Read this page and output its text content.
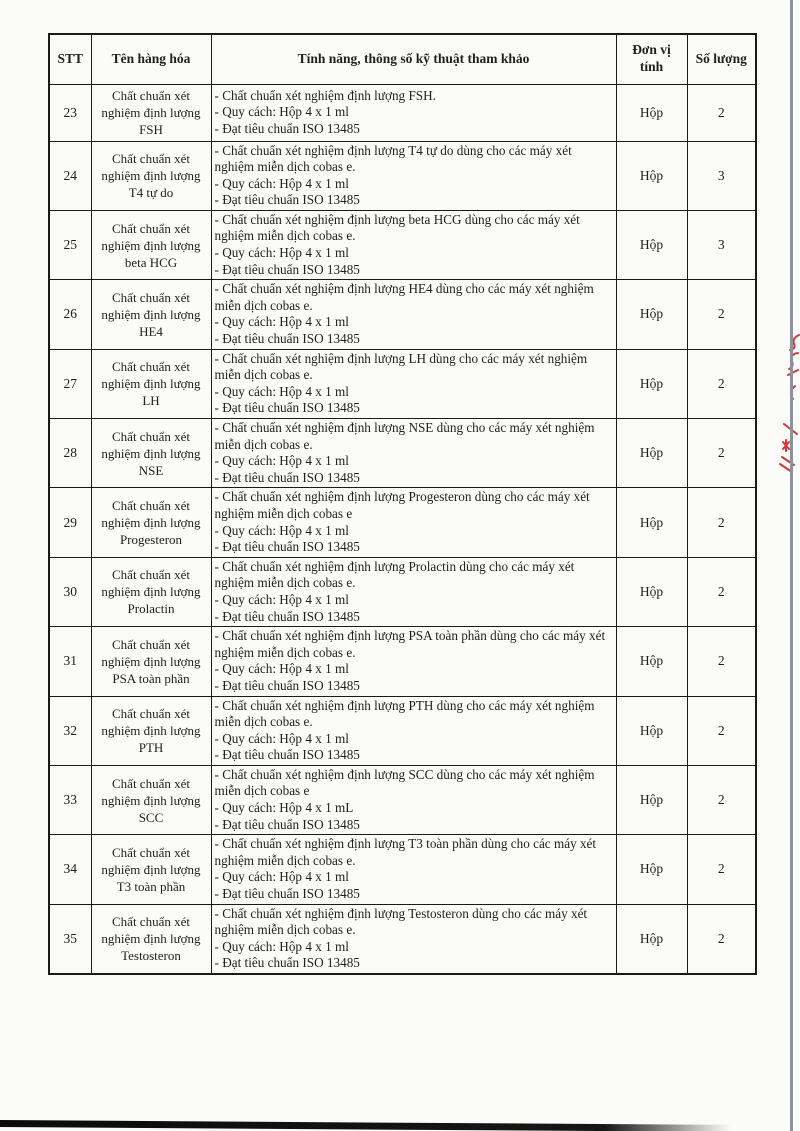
STT	Tên hàng hóa	Tính năng, thông số kỹ thuật tham khảo	Đơn vị tính	Số lượng
23	Chất chuẩn xét nghiệm định lượng FSH	- Chất chuẩn xét nghiệm định lượng FSH.
- Quy cách: Hộp 4 x 1 ml
- Đạt tiêu chuẩn ISO 13485	Hộp	2
24	Chất chuẩn xét nghiệm định lượng T4 tự do	- Chất chuẩn xét nghiệm định lượng T4 tự do dùng cho các máy xét nghiệm miễn dịch cobas e.
- Quy cách: Hộp 4 x 1 ml
- Đạt tiêu chuẩn ISO 13485	Hộp	3
25	Chất chuẩn xét nghiệm định lượng beta HCG	- Chất chuẩn xét nghiệm định lượng beta HCG dùng cho các máy xét nghiệm miễn dịch cobas e.
- Quy cách: Hộp 4 x 1 ml
- Đạt tiêu chuẩn ISO 13485	Hộp	3
26	Chất chuẩn xét nghiệm định lượng HE4	- Chất chuẩn xét nghiệm định lượng HE4 dùng cho các máy xét nghiệm miễn dịch cobas e.
- Quy cách: Hộp 4 x 1 ml
- Đạt tiêu chuẩn ISO 13485	Hộp	2
27	Chất chuẩn xét nghiệm định lượng LH	- Chất chuẩn xét nghiệm định lượng LH dùng cho các máy xét nghiệm miễn dịch cobas e.
- Quy cách: Hộp 4 x 1 ml
- Đạt tiêu chuẩn ISO 13485	Hộp	2
28	Chất chuẩn xét nghiệm định lượng NSE	- Chất chuẩn xét nghiệm định lượng NSE dùng cho các máy xét nghiệm miễn dịch cobas e.
- Quy cách: Hộp 4 x 1 ml
- Đạt tiêu chuẩn ISO 13485	Hộp	2
29	Chất chuẩn xét nghiệm định lượng Progesteron	- Chất chuẩn xét nghiệm định lượng Progesteron dùng cho các máy xét nghiệm miễn dịch cobas e
- Quy cách: Hộp 4 x 1 ml
- Đạt tiêu chuẩn ISO 13485	Hộp	2
30	Chất chuẩn xét nghiệm định lượng Prolactin	- Chất chuẩn xét nghiệm định lượng Prolactin dùng cho các máy xét nghiệm miễn dịch cobas e.
- Quy cách: Hộp 4 x 1 ml
- Đạt tiêu chuẩn ISO 13485	Hộp	2
31	Chất chuẩn xét nghiệm định lượng PSA toàn phần	- Chất chuẩn xét nghiệm định lượng PSA toàn phần dùng cho các máy xét nghiệm miễn dịch cobas e.
- Quy cách: Hộp 4 x 1 ml
- Đạt tiêu chuẩn ISO 13485	Hộp	2
32	Chất chuẩn xét nghiệm định lượng PTH	- Chất chuẩn xét nghiệm định lượng PTH dùng cho các máy xét nghiệm miễn dịch cobas e.
- Quy cách: Hộp 4 x 1 ml
- Đạt tiêu chuẩn ISO 13485	Hộp	2
33	Chất chuẩn xét nghiệm định lượng SCC	- Chất chuẩn xét nghiệm định lượng SCC dùng cho các máy xét nghiệm miễn dịch cobas e
- Quy cách: Hộp 4 x 1 mL
- Đạt tiêu chuẩn ISO 13485	Hộp	2
34	Chất chuẩn xét nghiệm định lượng T3 toàn phần	- Chất chuẩn xét nghiệm định lượng T3 toàn phần dùng cho các máy xét nghiệm miễn dịch cobas e.
- Quy cách: Hộp 4 x 1 ml
- Đạt tiêu chuẩn ISO 13485	Hộp	2
35	Chất chuẩn xét nghiệm định lượng Testosteron	- Chất chuẩn xét nghiệm định lượng Testosteron dùng cho các máy xét nghiệm miễn dịch cobas e.
- Quy cách: Hộp 4 x 1 ml
- Đạt tiêu chuẩn ISO 13485	Hộp	2
